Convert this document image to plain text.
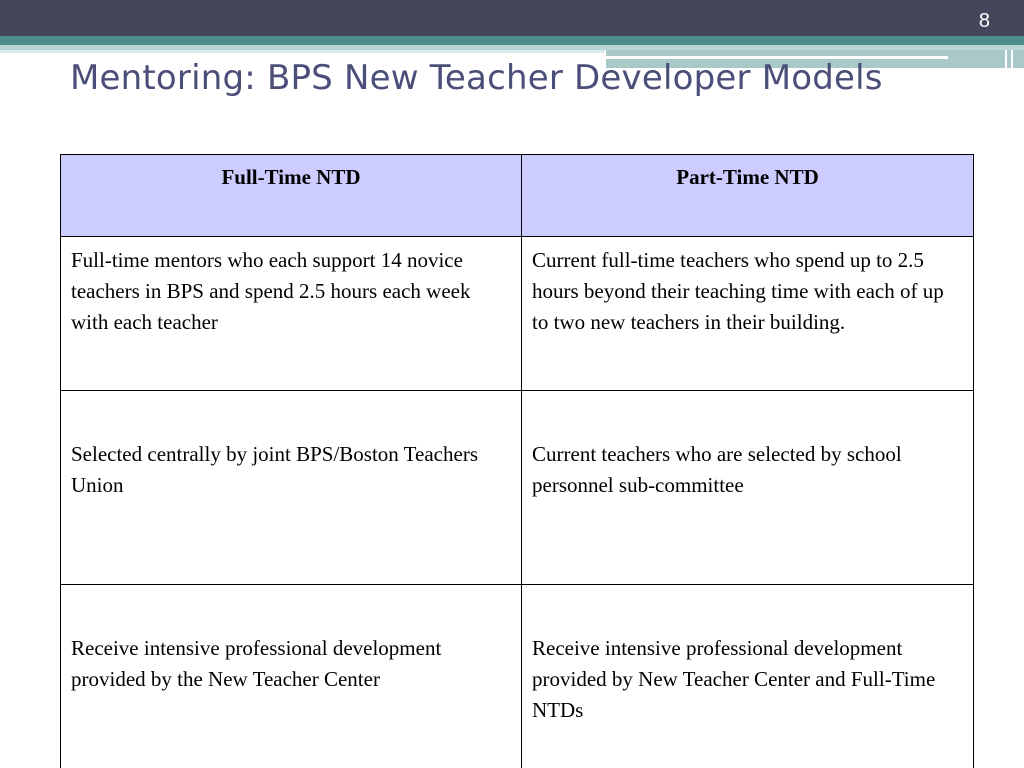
8
Mentoring: BPS New Teacher Developer Models
Full-Time NTD	Part-Time NTD
Full-time mentors who each support 14 novice teachers in BPS and spend 2.5 hours each week with each teacher	Current full-time teachers who spend up to 2.5 hours beyond their teaching time with each of up to two new teachers in their building.
Selected centrally by joint BPS/Boston Teachers Union	Current teachers who are selected by school personnel sub-committee
Receive intensive professional development provided by the New Teacher Center	Receive intensive professional development provided by New Teacher Center and Full-Time NTDs
